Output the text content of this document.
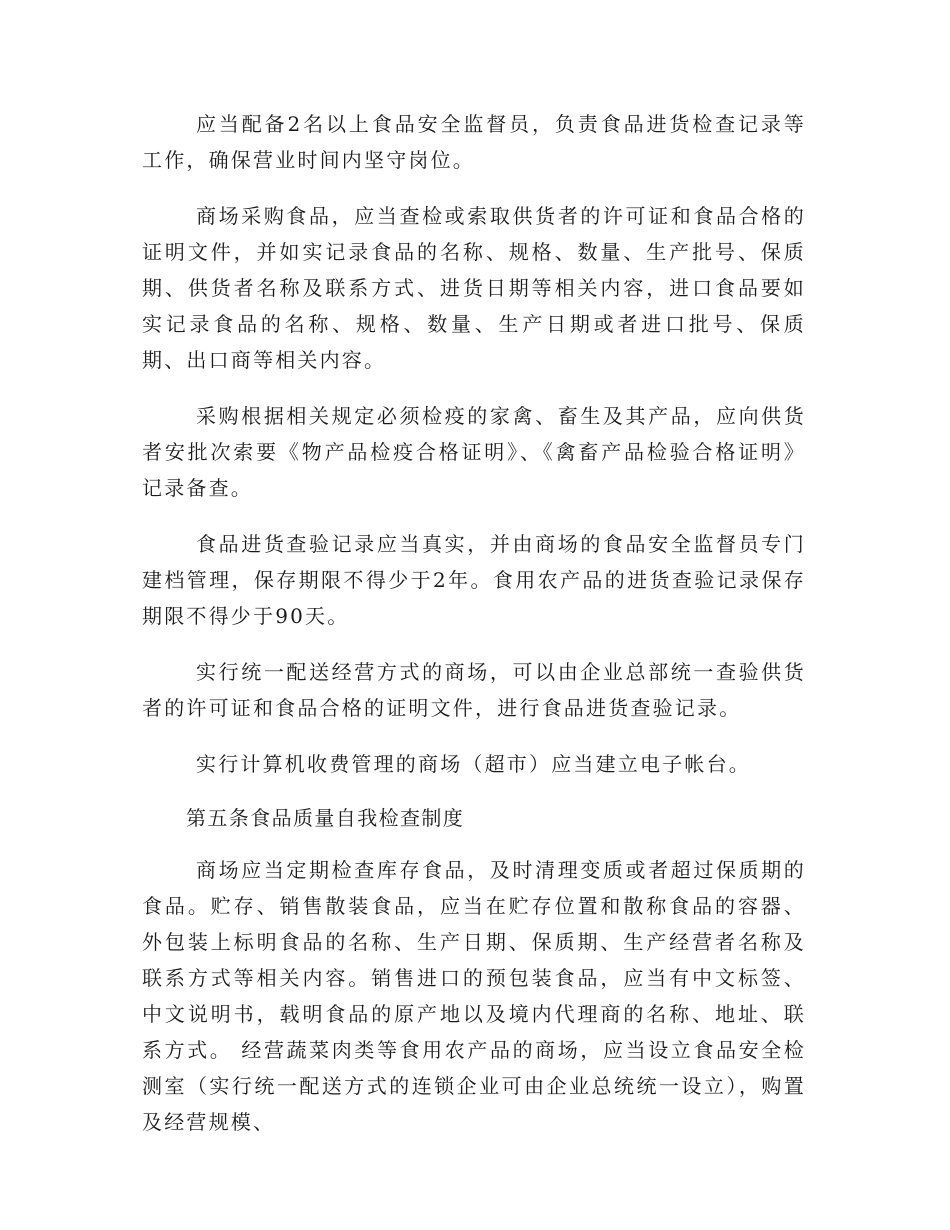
应当配备2名以上食品安全监督员，负责食品进货检查记录等工作，确保营业时间内坚守岗位。

商场采购食品，应当查检或索取供货者的许可证和食品合格的证明文件，并如实记录食品的名称、规格、数量、生产批号、保质期、供货者名称及联系方式、进货日期等相关内容，进口食品要如实记录食品的名称、规格、数量、生产日期或者进口批号、保质期、出口商等相关内容。

采购根据相关规定必须检疫的家禽、畜生及其产品，应向供货者安批次索要《物产品检疫合格证明》、《禽畜产品检验合格证明》记录备查。

食品进货查验记录应当真实，并由商场的食品安全监督员专门建档管理，保存期限不得少于2年。食用农产品的进货查验记录保存期限不得少于90天。

实行统一配送经营方式的商场，可以由企业总部统一查验供货者的许可证和食品合格的证明文件，进行食品进货查验记录。

实行计算机收费管理的商场（超市）应当建立电子帐台。

第五条食品质量自我检查制度

商场应当定期检查库存食品，及时清理变质或者超过保质期的食品。贮存、销售散装食品，应当在贮存位置和散称食品的容器、外包装上标明食品的名称、生产日期、保质期、生产经营者名称及联系方式等相关内容。销售进口的预包装食品，应当有中文标签、中文说明书，载明食品的原产地以及境内代理商的名称、地址、联系方式。 经营蔬菜肉类等食用农产品的商场，应当设立食品安全检测室（实行统一配送方式的连锁企业可由企业总统统一设立），购置及经营规模、
